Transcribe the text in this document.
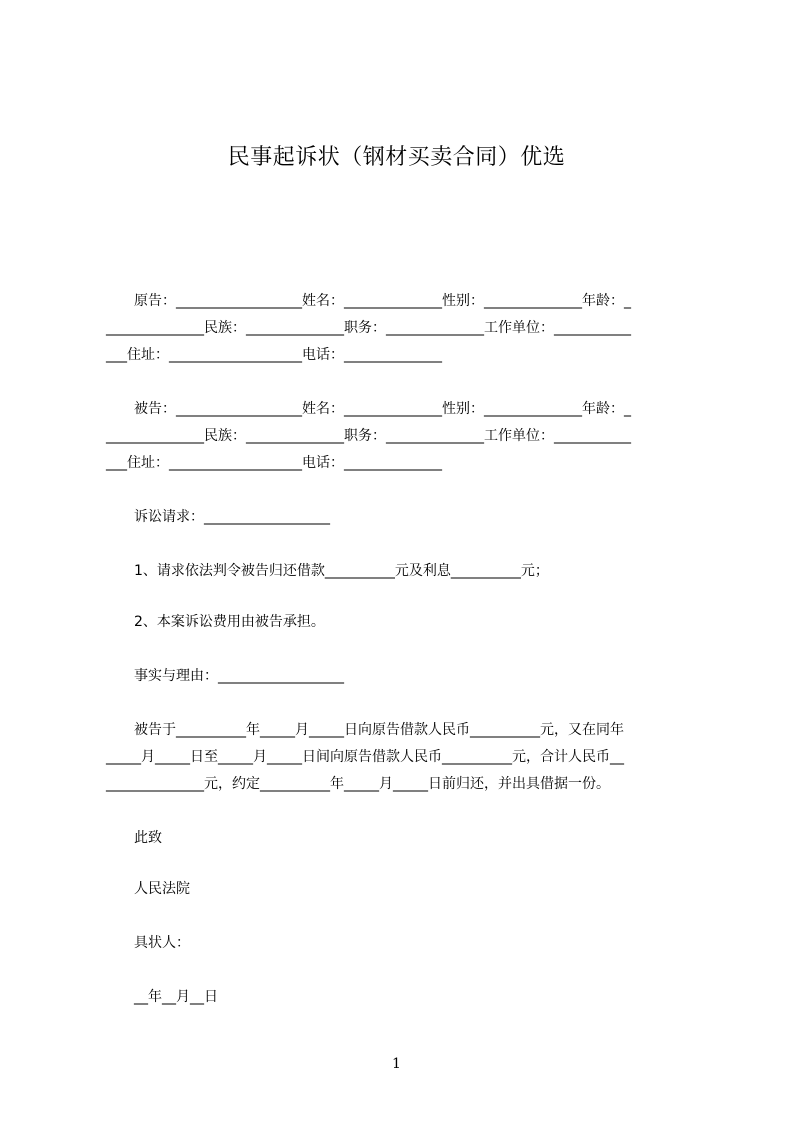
民事起诉状（钢材买卖合同）优选
　　原告：__________________姓名：______________性别：______________年龄：_
______________民族：______________职务：______________工作单位：___________
___住址：___________________电话：______________
　　被告：__________________姓名：______________性别：______________年龄：_
______________民族：______________职务：______________工作单位：___________
___住址：___________________电话：______________
　　诉讼请求：__________________
　　1、请求依法判令被告归还借款__________元及利息__________元；
　　2、本案诉讼费用由被告承担。
　　事实与理由：__________________
　　被告于__________年_____月_____日向原告借款人民币__________元，又在同年
_____月_____日至_____月_____日间向原告借款人民币__________元，合计人民币__
______________元，约定__________年_____月_____日前归还，并出具借据一份。
　　此致
　　人民法院
　　具状人：
　　__年__月__日
1
